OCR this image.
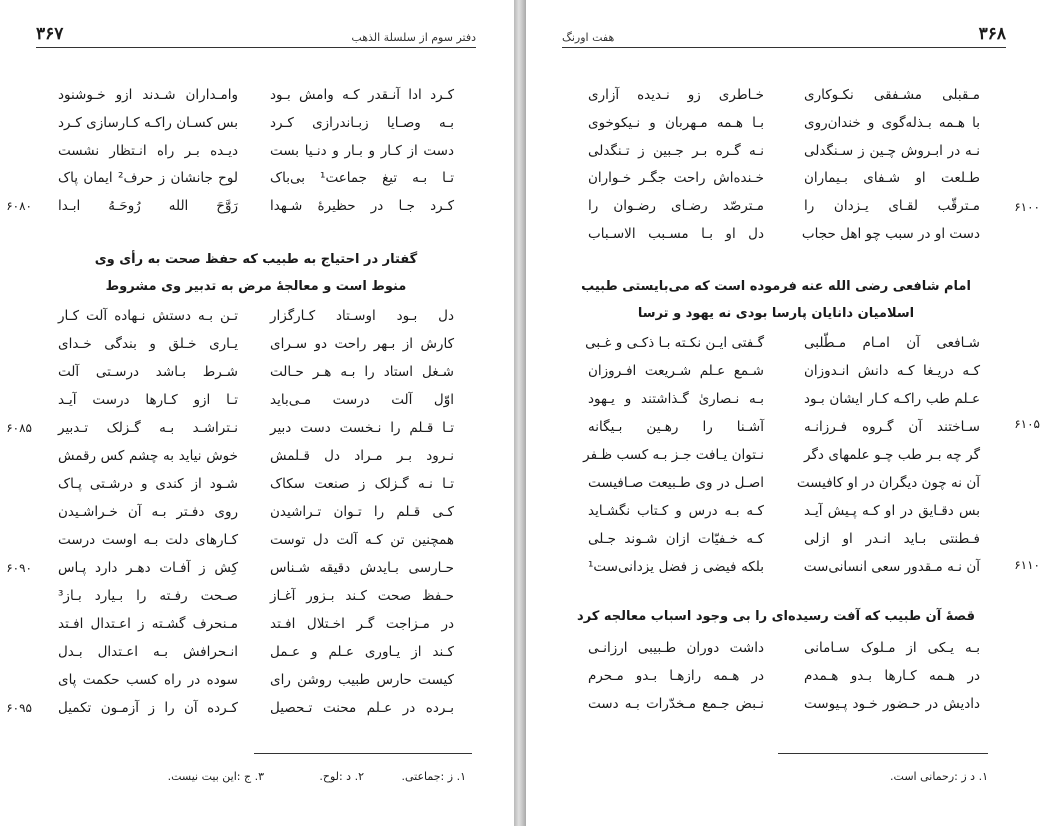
دفتر سوم از سلسلة الذهب
۳۶۷
کـرد ادا آنـقدر کـه وامش بـود
وامـداران شـدند ازو خـوشنود
بـه وصـایا زبـاندرازی کـرد
بس کسـان راکـه کـارسازی کـرد
دست از کـار و بـار و دنـیا بست
دیـده بـر راه انـتظار نشست
تـا بـه تیغ جماعت¹ بی‌باک
لوح جانشان ز حرف² ایمان پاک
کـرد جـا در حظیرهٔ شـهدا
رَوَّحَ الله رُوحَـهُ ابـدا
۶۰۸۰
گفتار در احتیاج به طبیب که حفظ صحت به رأی وی
منوط است و معالجهٔ مرض به تدبیر وی مشروط
دل بـود اوسـتاد کـارگزار
تـن بـه دستش نـهاده آلت کـار
کارش از بـهر راحت دو سـرای
یـاری خـلق و بندگی خـدای
شـغل استاد را بـه هـر حـالت
شـرط بـاشد درسـتی آلت
اوّل آلت درست مـی‌باید
تـا ازو کـارها درست آیـد
تـا قـلم را نـخست دست دبیر
نـتراشـد بـه گـزلک تـدبیر
نـرود بـر مـراد دل قـلمش
خوش نیاید به چشم کس رقمش
تـا نـه گـزلک ز صنعت سکاک
شـود از کندی و درشـتی پـاک
کـی قـلم را تـوان تـراشیدن
روی دفـتر بـه آن خـراشـیدن
همچنین تن کـه آلت دل توست
کـارهای دلت بـه اوست درست
حـارسی بـایدش دقیقه شـناس
کِش ز آفـات دهـر دارد پـاس
حـفظ صحت کـند بـزور آغـاز
صـحت رفـته را بـیارد بـاز³
در مـزاجت گـر اخـتلال افـتد
مـنحرف گشـته ز اعـتدال افـتد
کـند از یـاوری عـلم و عـمل
انـحرافش بـه اعـتدال بـدل
کیست حارس طبیب روشن رای
سوده در راه کسب حکمت پای
بـرده در عـلم محنت تـحصیل
کـرده آن را ز آزمـون تکمیل
۶۰۸۵
۶۰۹۰
۶۰۹۵
۱. ز :جماعتی.
۲. د :لوح.
۳. ج :این بیت نیست.
۳۶۸
هفت اورنگ
مـقبلی مشـفقی نکـوکاری
خـاطری زو نـدیده آزاری
با هـمه بـذله‌گوی و خندان‌روی
بـا هـمه مـهربان و نـیکوخوی
نـه در ابـروش چـین ز سـنگدلی
نـه گـره بـر جـبین ز تـنگدلی
طـلعت او شـفای بـیماران
خـنده‌اش راحت جگـر خـواران
مـترقّب لقـای یـزدان را
مـترصّد رضـای رضـوان را
دست او در سبب چو اهل حجاب
دل او بـا مسـبب الاسـباب
۶۱۰۰
امام شافعی رضی الله عنه فرموده است که می‌بایستی طبیب
اسلامیان دانایان پارسا بودی نه یهود و ترسا
شـافعی آن امـام مـطّلبی
گـفتی ایـن نکـته بـا ذکـی و غـبی
کـه دریـغا کـه دانش انـدوزان
شـمع عـلم شـریعت افـروزان
عـلم طب راکـه کـار ایشان بـود
بـه نـصاریٰ گـذاشتند و یـهود
سـاختند آن گـروه فـرزانـه
آشـنا را رهـین بـیگانه
گر چه بـر طب چـو علمهای دگر
نـتوان یـافت جـز بـه کسب ظـفر
آن نه چون دیگران در او کافیست
اصـل در وی طـبیعت صـافیست
بس دقـایق در او کـه پـیش آیـد
کـه بـه درس و کـتاب نگشـاید
فـطنتی بـاید انـدر او ازلی
کـه خـفیّات ازان شـوند جـلی
آن نـه مـقدور سعی انسانی‌ست
بلکه فیضی ز فضل یزدانی‌ست¹
۶۱۰۵
۶۱۱۰
قصهٔ آن طبیب که آفت رسیده‌ای را بی وجود اسباب معالجه کرد
بـه یـکی از مـلوک سـامانی
داشت دوران طـبیبی ارزانـی
در هـمه کـارها بـدو هـمدم
در هـمه رازهـا بـدو مـحرم
دادیش در حـضور خـود پـیوست
نـبض جـمع مـخدّرات بـه دست
۱. د ز :رحمانی است.
